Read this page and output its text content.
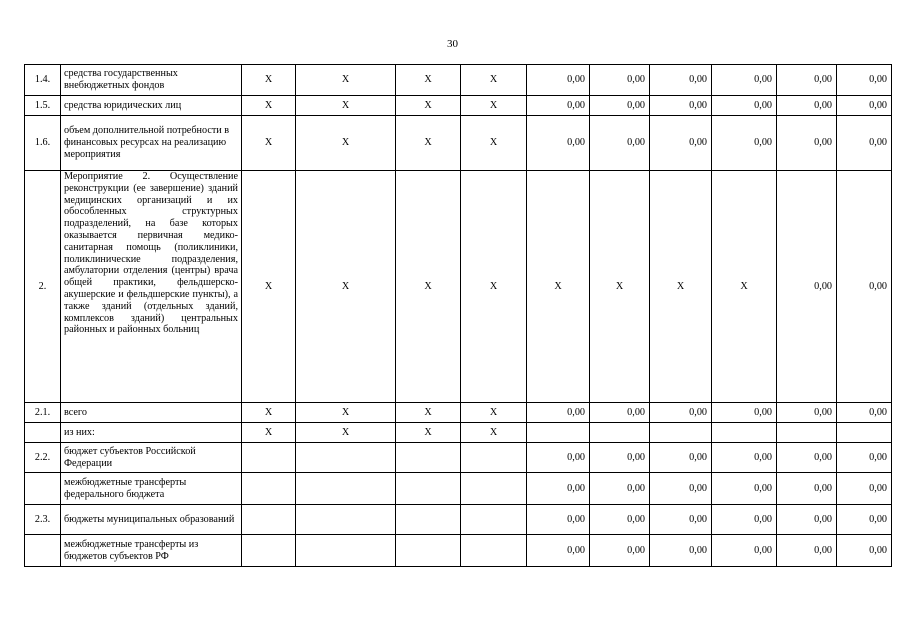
30
1.4.	средства государственных внебюджетных фондов	X	X	X	X	0,00	0,00	0,00	0,00	0,00	0,00
1.5.	средства юридических лиц	X	X	X	X	0,00	0,00	0,00	0,00	0,00	0,00
1.6.	объем дополнительной потребности в финансовых ресурсах на реализацию мероприятия	X	X	X	X	0,00	0,00	0,00	0,00	0,00	0,00
2.	Мероприятие 2. Осуществление реконструкции (ее завершение) зданий медицинских организаций и их обособленных структурных подразделений, на базе которых оказывается первичная медико- санитарная помощь (поликлиники, поликлинические подразделения, амбулатории отделения (центры) врача общей практики, фельдшерско-акушерские и фельдшерские пункты), а также зданий (отдельных зданий, комплексов зданий) центральных районных и районных больниц	X	X	X	X	X	X	X	X	0,00	0,00
2.1.	всего	X	X	X	X	0,00	0,00	0,00	0,00	0,00	0,00
	из них:	X	X	X	X						
2.2.	бюджет субъектов Российской Федерации					0,00	0,00	0,00	0,00	0,00	0,00
	межбюджетные трансферты федерального бюджета					0,00	0,00	0,00	0,00	0,00	0,00
2.3.	бюджеты муниципальных образований					0,00	0,00	0,00	0,00	0,00	0,00
	межбюджетные трансферты из бюджетов субъектов РФ					0,00	0,00	0,00	0,00	0,00	0,00
